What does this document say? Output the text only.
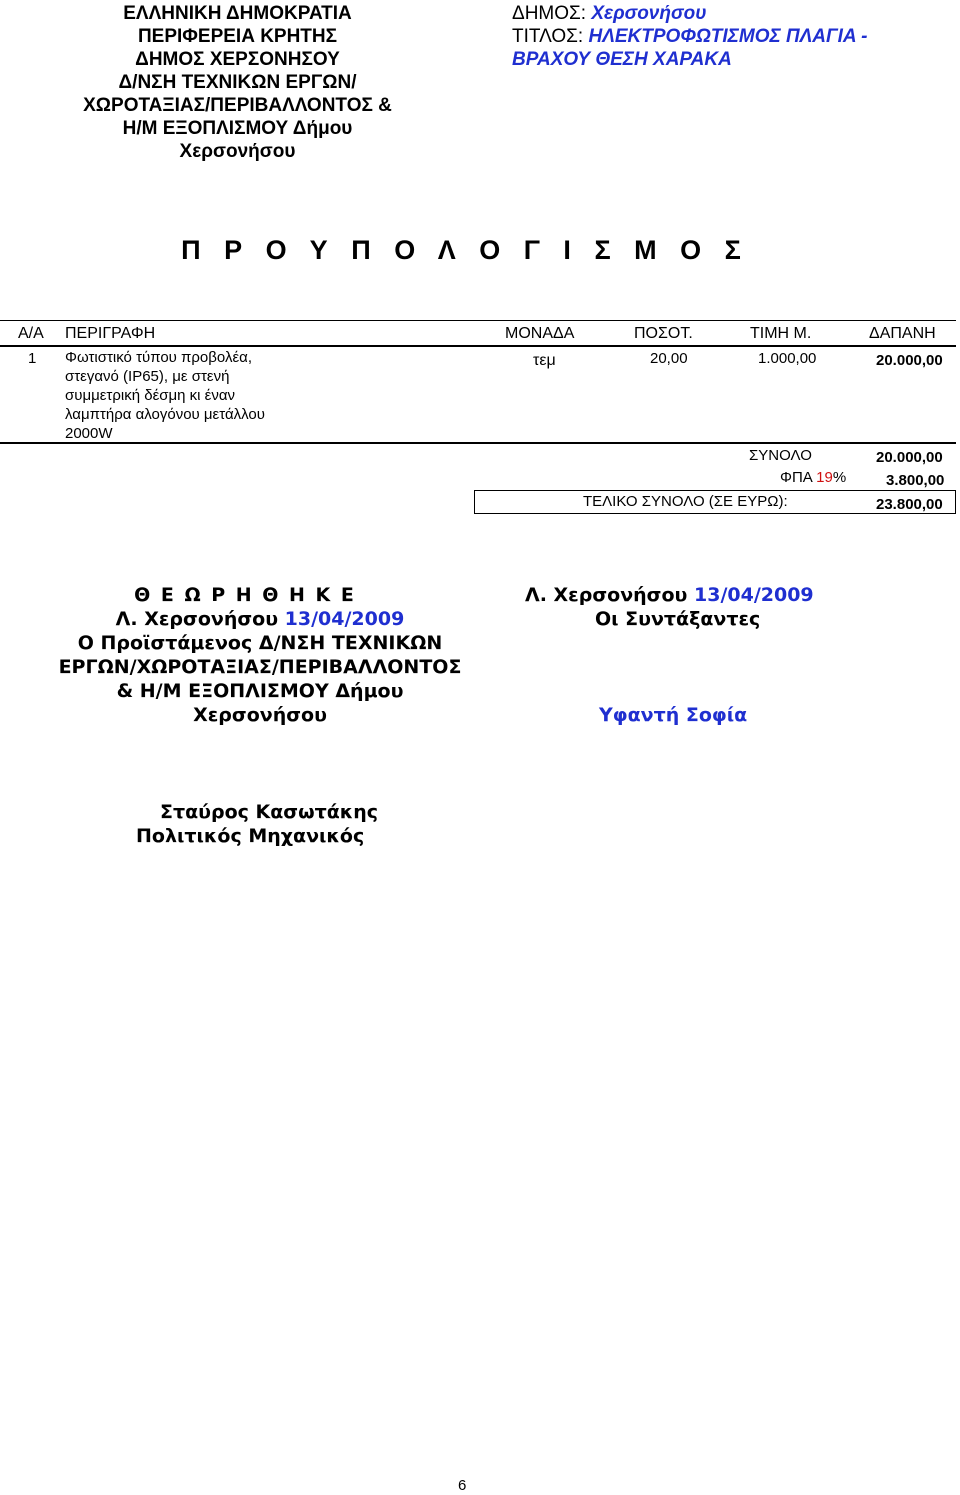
ΕΛΛΗΝΙΚΗ ΔΗΜΟΚΡΑΤΙΑ
ΠΕΡΙΦΕΡΕΙΑ ΚΡΗΤΗΣ
ΔΗΜΟΣ ΧΕΡΣΟΝΗΣΟΥ
Δ/ΝΣΗ ΤΕΧΝΙΚΩΝ ΕΡΓΩΝ/
ΧΩΡΟΤΑΞΙΑΣ/ΠΕΡΙΒΑΛΛΟΝΤΟΣ &
Η/Μ ΕΞΟΠΛΙΣΜΟΥ Δήμου
Χερσονήσου
ΔΗΜΟΣ: Χερσονήσου
ΤΙΤΛΟΣ: ΗΛΕΚΤΡΟΦΩΤΙΣΜΟΣ ΠΛΑΓΙΑ -
ΒΡΑΧΟΥ ΘΕΣΗ ΧΑΡΑΚΑ
Π Ρ Ο Υ Π Ο Λ Ο Γ Ι Σ Μ Ο Σ
Α/Α ΠΕΡΙΓΡΑΦΗ	ΜΟΝΑΔΑ	ΠΟΣΟΤ.	ΤΙΜΗ Μ.	ΔΑΠΑΝΗ
1 Φωτιστικό τύπου προβολέα,
στεγανό (IP65), με στενή
συμμετρική δέσμη κι έναν
λαμπτήρα αλογόνου μετάλλου
2000W
τεμ	20,00	1.000,00	20.000,00
ΣΥΝΟΛΟ	20.000,00
ΦΠΑ 19%	3.800,00
ΤΕΛΙΚΟ ΣΥΝΟΛΟ (ΣΕ ΕΥΡΩ):	23.800,00
Θ Ε Ω Ρ Η Θ Η Κ Ε
Λ. Χερσονήσου 13/04/2009
Ο Προϊστάμενος Δ/ΝΣΗ ΤΕΧΝΙΚΩΝ
ΕΡΓΩΝ/ΧΩΡΟΤΑΞΙΑΣ/ΠΕΡΙΒΑΛΛΟΝΤΟΣ
& Η/Μ ΕΞΟΠΛΙΣΜΟΥ Δήμου
Χερσονήσου
Λ. Χερσονήσου 13/04/2009
Οι Συντάξαντες
Υφαντή Σοφία
Σταύρος Κασωτάκης
Πολιτικός Μηχανικός
6
